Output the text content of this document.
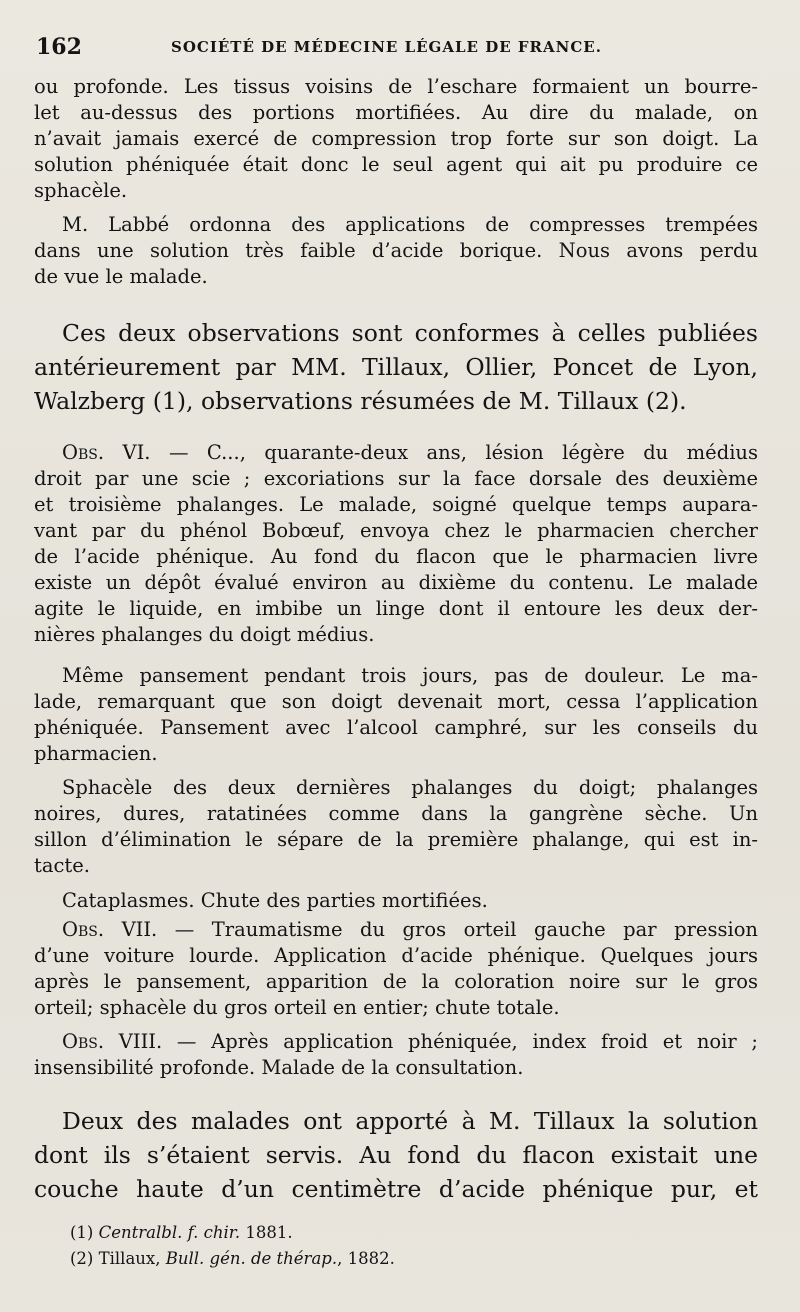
162	SOCIÉTÉ DE MÉDECINE LÉGALE DE FRANCE.

ou profonde. Les tissus voisins de l’eschare formaient un bourre-
let au-dessus des portions mortifiées. Au dire du malade, on
n’avait jamais exercé de compression trop forte sur son doigt. La
solution phéniquée était donc le seul agent qui ait pu produire ce
sphacèle.

M. Labbé ordonna des applications de compresses trempées
dans une solution très faible d’acide borique. Nous avons perdu
de vue le malade.

Ces deux observations sont conformes à celles publiées
antérieurement par MM. Tillaux, Ollier, Poncet de Lyon,
Walzberg (1), observations résumées de M. Tillaux (2).

Obs. VI. — C..., quarante-deux ans, lésion légère du médius
droit par une scie ; excoriations sur la face dorsale des deuxième
et troisième phalanges. Le malade, soigné quelque temps aupara-
vant par du phénol Bobœuf, envoya chez le pharmacien chercher
de l’acide phénique. Au fond du flacon que le pharmacien livre
existe un dépôt évalué environ au dixième du contenu. Le malade
agite le liquide, en imbibe un linge dont il entoure les deux der-
nières phalanges du doigt médius.

Même pansement pendant trois jours, pas de douleur. Le ma-
lade, remarquant que son doigt devenait mort, cessa l’application
phéniquée. Pansement avec l’alcool camphré, sur les conseils du
pharmacien.

Sphacèle des deux dernières phalanges du doigt; phalanges
noires, dures, ratatinées comme dans la gangrène sèche. Un
sillon d’élimination le sépare de la première phalange, qui est in-
tacte.

Cataplasmes. Chute des parties mortifiées.

Obs. VII. — Traumatisme du gros orteil gauche par pression
d’une voiture lourde. Application d’acide phénique. Quelques jours
après le pansement, apparition de la coloration noire sur le gros
orteil; sphacèle du gros orteil en entier; chute totale.

Obs. VIII. — Après application phéniquée, index froid et noir ;
insensibilité profonde. Malade de la consultation.

Deux des malades ont apporté à M. Tillaux la solution
dont ils s’étaient servis. Au fond du flacon existait une
couche haute d’un centimètre d’acide phénique pur, et

(1) Centralbl. f. chir. 1881.
(2) Tillaux, Bull. gén. de thérap., 1882.
